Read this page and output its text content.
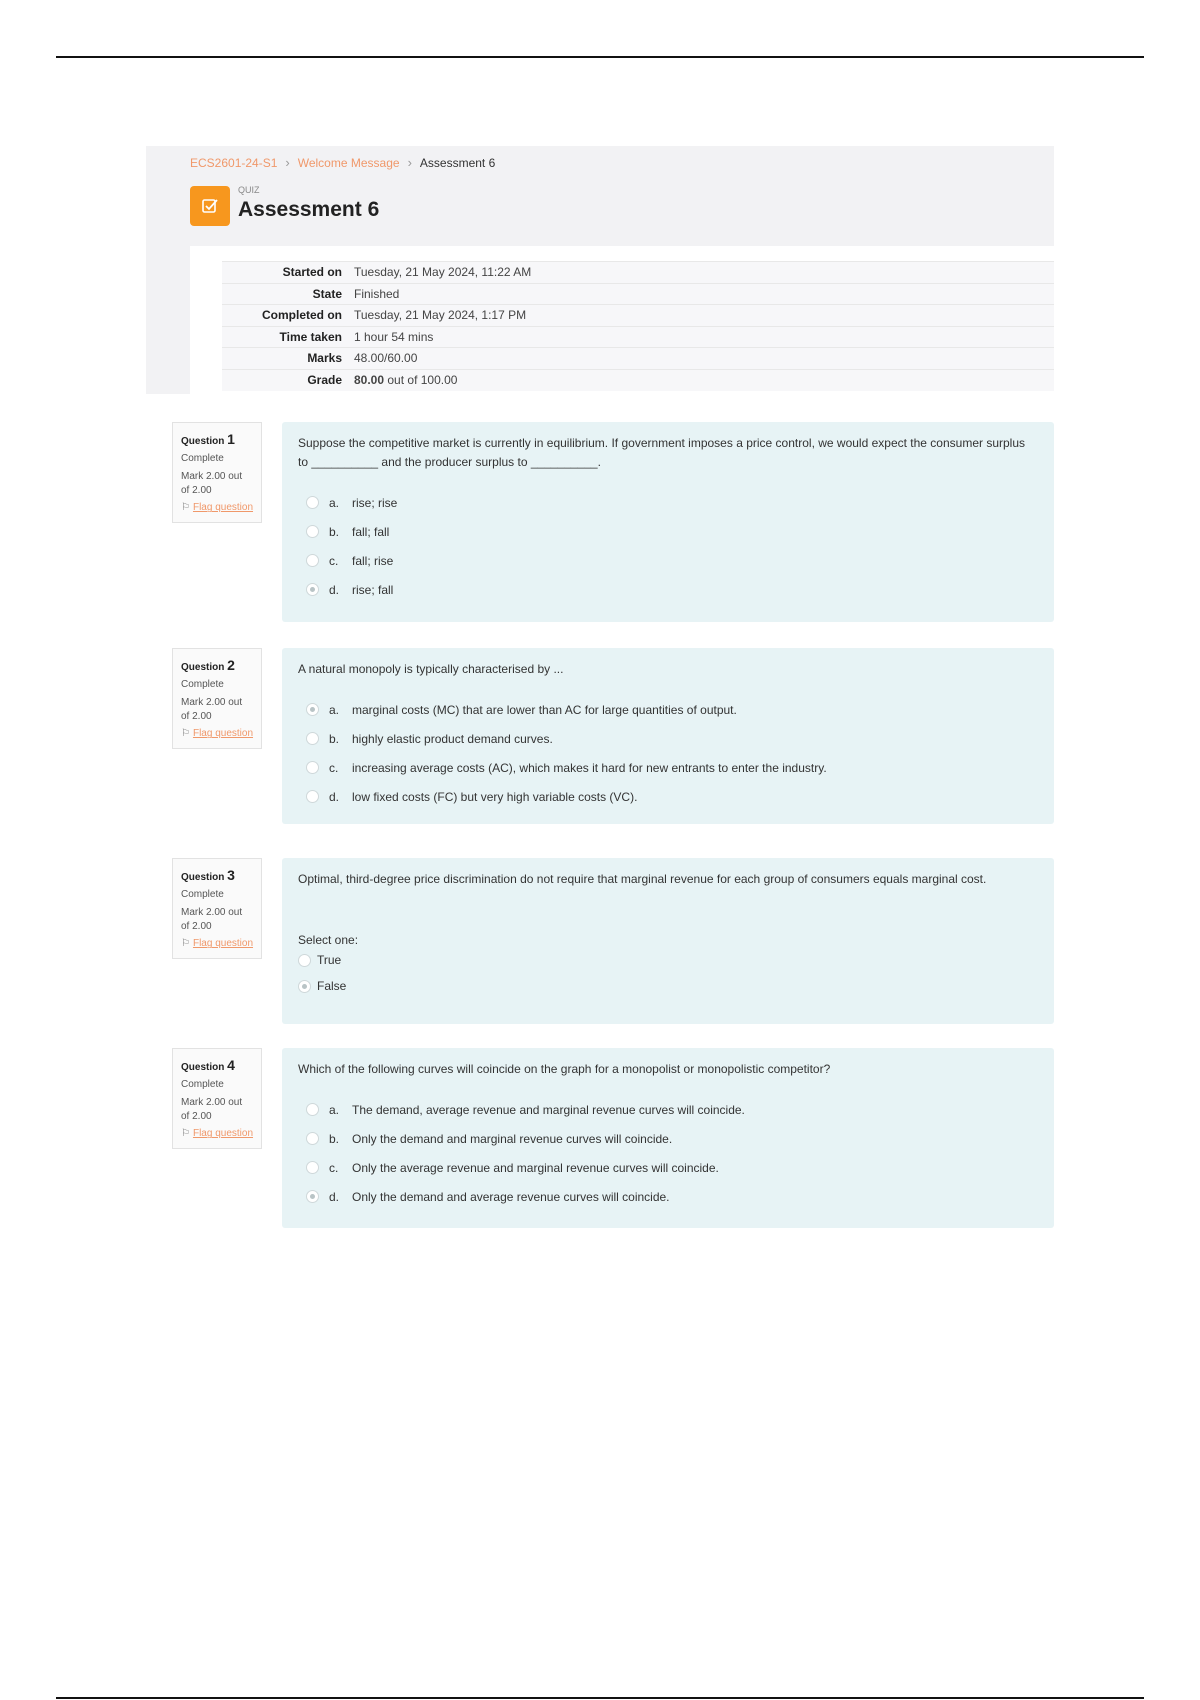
ECS2601-24-S1 › Welcome Message › Assessment 6
QUIZ
Assessment 6
Started on	Tuesday, 21 May 2024, 11:22 AM
State	Finished
Completed on	Tuesday, 21 May 2024, 1:17 PM
Time taken	1 hour 54 mins
Marks	48.00/60.00
Grade	80.00 out of 100.00
Question 1
Complete
Mark 2.00 out of 2.00
⚐ Flag question
Suppose the competitive market is currently in equilibrium. If government imposes a price control, we would expect the consumer surplus to __________ and the producer surplus to __________.
a.	rise; rise
b.	fall; fall
c.	fall; rise
d.	rise; fall
Question 2
Complete
Mark 2.00 out of 2.00
⚐ Flag question
A natural monopoly is typically characterised by ...
a.	marginal costs (MC) that are lower than AC for large quantities of output.
b.	highly elastic product demand curves.
c.	increasing average costs (AC), which makes it hard for new entrants to enter the industry.
d.	low fixed costs (FC) but very high variable costs (VC).
Question 3
Complete
Mark 2.00 out of 2.00
⚐ Flag question
Optimal, third-degree price discrimination do not require that marginal revenue for each group of consumers equals marginal cost.
Select one:
True
False
Question 4
Complete
Mark 2.00 out of 2.00
⚐ Flag question
Which of the following curves will coincide on the graph for a monopolist or monopolistic competitor?
a.	The demand, average revenue and marginal revenue curves will coincide.
b.	Only the demand and marginal revenue curves will coincide.
c.	Only the average revenue and marginal revenue curves will coincide.
d.	Only the demand and average revenue curves will coincide.
